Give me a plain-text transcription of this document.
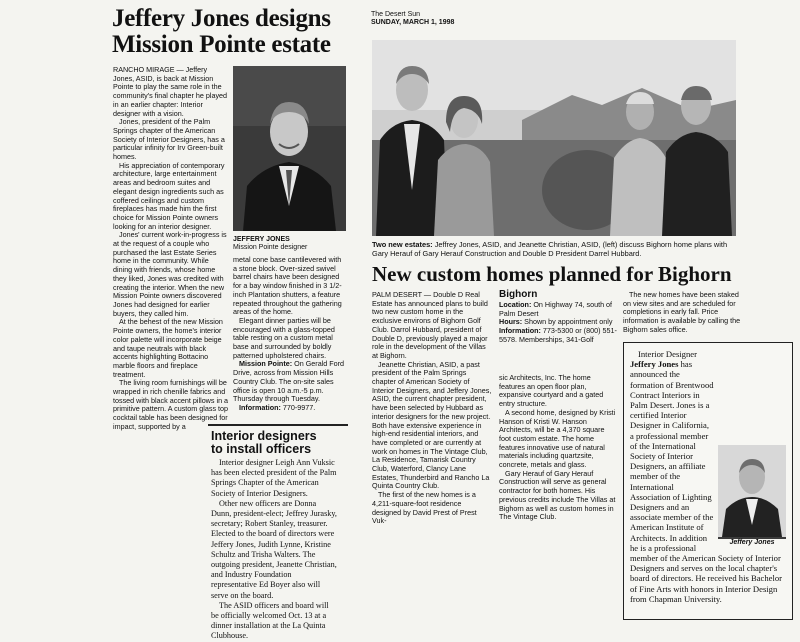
Jeffery Jones designs
Mission Pointe estate

RANCHO MIRAGE — Jeffery Jones, ASID, is back at Mission Pointe to play the same role in the community's final chapter he played in an earlier chapter: Interior designer with a vision.

Jones, president of the Palm Springs chapter of the American Society of Interior Designers, has a particular infinity for Irv Green-built homes.

His appreciation of contemporary architecture, large entertainment areas and bedroom suites and elegant design ingredients such as coffered ceilings and custom fireplaces has made him the first choice for Mission Pointe owners looking for an interior designer.

Jones' current work-in-progress is at the request of a couple who purchased the last Estate Series home in the community. While dining with friends, whose home they liked, Jones was credited with creating the interior. When the new Mission Pointe owners discovered Jones had designed for earlier buyers, they called him.

At the behest of the new Mission Pointe owners, the home's interior color palette will incorporate beige and taupe neutrals with black accents highlighting Bottacino marble floors and fireplace treatment.

The living room furnishings will be wrapped in rich chenille fabrics and tossed with black accent pillows in a primitive pattern. A custom glass top cocktail table has been designed for impact, supported by a

JEFFERY JONES
Mission Pointe designer

metal cone base cantilevered with a stone block. Over-sized swivel barrel chairs have been designed for a bay window finished in 3 1/2-inch Plantation shutters, a feature repeated throughout the gathering areas of the home.

Elegant dinner parties will be encouraged with a glass-topped table resting on a custom metal base and surrounded by boldly patterned upholstered chairs.

Mission Pointe: On Gerald Ford Drive, across from Mission Hills Country Club. The on-site sales office is open 10 a.m.-5 p.m. Thursday through Tuesday.

Information: 770-9977.

Interior designers
to install officers

Interior designer Leigh Ann Vuksic has been elected president of the Palm Springs Chapter of the American Society of Interior Designers.

Other new officers are Donna Dunn, president-elect; Jeffrey Jurasky, secretary; Robert Stanley, treasurer. Elected to the board of directors were Jeffery Jones, Judith Lynne, Kristine Schultz and Trisha Walters. The outgoing president, Jeanette Christian, and Industry Foundation representative Ed Boyer also will serve on the board.

The ASID officers and board will be officially welcomed Oct. 13 at a dinner installation at the La Quinta Clubhouse.

The Desert Sun
SUNDAY, MARCH 1, 1998
Two new estates: Jeffrey Jones, ASID, and Jeanette Christian, ASID, (left) discuss Bighorn home plans with Gary Herauf of Gary Herauf Construction and Double D President Darrel Hubbard.
New custom homes planned for Bighorn

PALM DESERT — Double D Real Estate has announced plans to build two new custom home in the exclusive environs of Bighorn Golf Club. Darrol Hubbard, president of Double D, previously played a major role in the development of the Villas at Bighorn.

Jeanette Christian, ASID, a past president of the Palm Springs chapter of American Society of Interior Designers, and Jeffery Jones, ASID, the current chapter president, have been selected by Hubbard as interior designers for the new project. Both have extensive experience in high-end residential interiors, and have completed or are currently at work on homes in The Vintage Club, La Residence, Tamarisk Country Club, Waterford, Clancy Lane Estates, Thunderbird and Rancho La Quinta Country Club.

The first of the new homes is a 4,211-square-foot residence designed by David Prest of Prest Vuk-

Bighorn
Location: On Highway 74, south of Palm Desert
Hours: Shown by appointment only
Information: 773-5300 or (800) 551-5578. Memberships, 341-Golf

sic Architects, Inc. The home features an open floor plan, expansive courtyard and a gated entry structure.

A second home, designed by Kristi Hanson of Kristi W. Hanson Architects, will be a 4,370 square foot custom estate. The home features innovative use of natural materials including quartzsite, concrete, metals and glass.

Gary Herauf of Gary Herauf Construction will serve as general contractor for both homes. His previous credits include The Villas at Bighorn as well as custom homes in The Vintage Club.

The new homes have been staked on view sites and are scheduled for completions in early fall. Price information is available by calling the Bighorn sales office.

Jeffery Jones

Interior Designer Jeffery Jones has announced the formation of Brentwood Contract Interiors in Palm Desert. Jones is a certified Interior Designer in California, a professional member of the International Society of Interior Designers, an affiliate member of the International Association of Lighting Designers and an associate member of the American Institute of Architects. In addition he is a professional member of the American Society of Interior Designers and serves on the local chapter's board of directors. He received his Bachelor of Fine Arts with honors in Interior Design from Chapman University.
